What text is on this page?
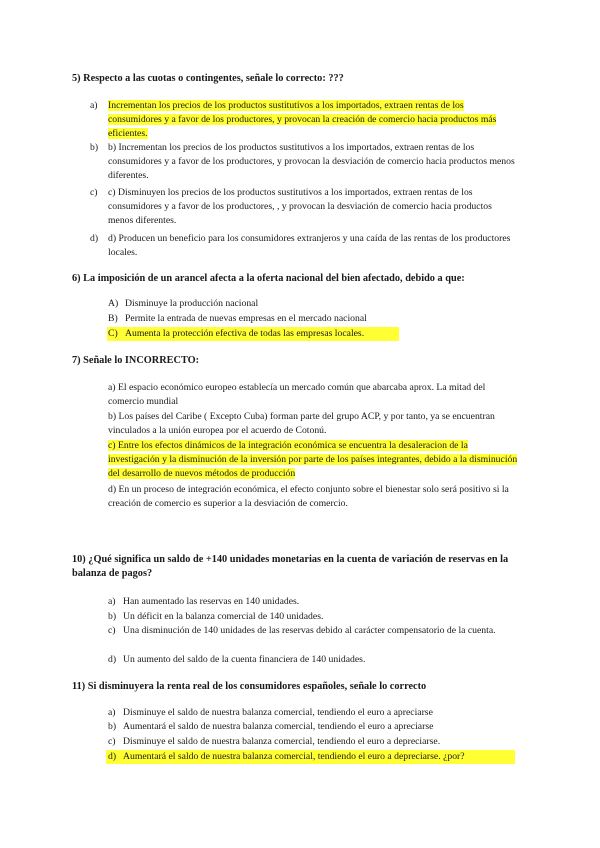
5) Respecto a las cuotas o contingentes, señale lo correcto: ???
a)	Incrementan los precios de los productos sustitutivos a los importados, extraen rentas de los consumidores y a favor de los productores, y provocan la creación de comercio hacia productos más eficientes.
b)	b) Incrementan los precios de los productos sustitutivos a los importados, extraen rentas de los consumidores y a favor de los productores, y provocan la desviación de comercio hacia productos menos diferentes.
c)	c) Disminuyen los precios de los productos sustitutivos a los importados, extraen rentas de los consumidores y a favor de los productores, , y provocan la desviación de comercio hacia productos menos diferentes.
d)	d) Producen un beneficio para los consumidores extranjeros y una caída de las rentas de los productores locales.
6) La imposición de un arancel afecta a la oferta nacional del bien afectado, debido a que:
A) Disminuye la producción nacional
B) Permite la entrada de nuevas empresas en el mercado nacional
C) Aumenta la protección efectiva de todas las empresas locales.
7) Señale lo INCORRECTO:
a) El espacio económico europeo establecía un mercado común que abarcaba aprox. La mitad del comercio mundial
b) Los países del Caribe ( Excepto Cuba) forman parte del grupo ACP, y por tanto, ya se encuentran vinculados a la unión europea por el acuerdo de Cotonú.
c) Entre los efectos dinámicos de la integración económica se encuentra la desaleracion de la investigación y la disminución de la inversión por parte de los países integrantes, debido a la disminución del desarrollo de nuevos métodos de producción
d) En un proceso de integración económica, el efecto conjunto sobre el bienestar solo será positivo si la creación de comercio es superior a la desviación de comercio.
10) ¿Qué significa un saldo de +140 unidades monetarias en la cuenta de variación de reservas en la balanza de pagos?
a) Han aumentado las reservas en 140 unidades.
b) Un déficit en la balanza comercial de 140 unidades.
c) Una disminución de 140 unidades de las reservas debido al carácter compensatorio de la cuenta.
d) Un aumento del saldo de la cuenta financiera de 140 unidades.
11) Si disminuyera la renta real de los consumidores españoles, señale lo correcto
a) Disminuye el saldo de nuestra balanza comercial, tendiendo el euro a apreciarse
b) Aumentará el saldo de nuestra balanza comercial, tendiendo el euro a apreciarse
c) Disminuye el saldo de nuestra balanza comercial, tendiendo el euro a depreciarse.
d) Aumentará el saldo de nuestra balanza comercial, tendiendo el euro a depreciarse. ¿por?
